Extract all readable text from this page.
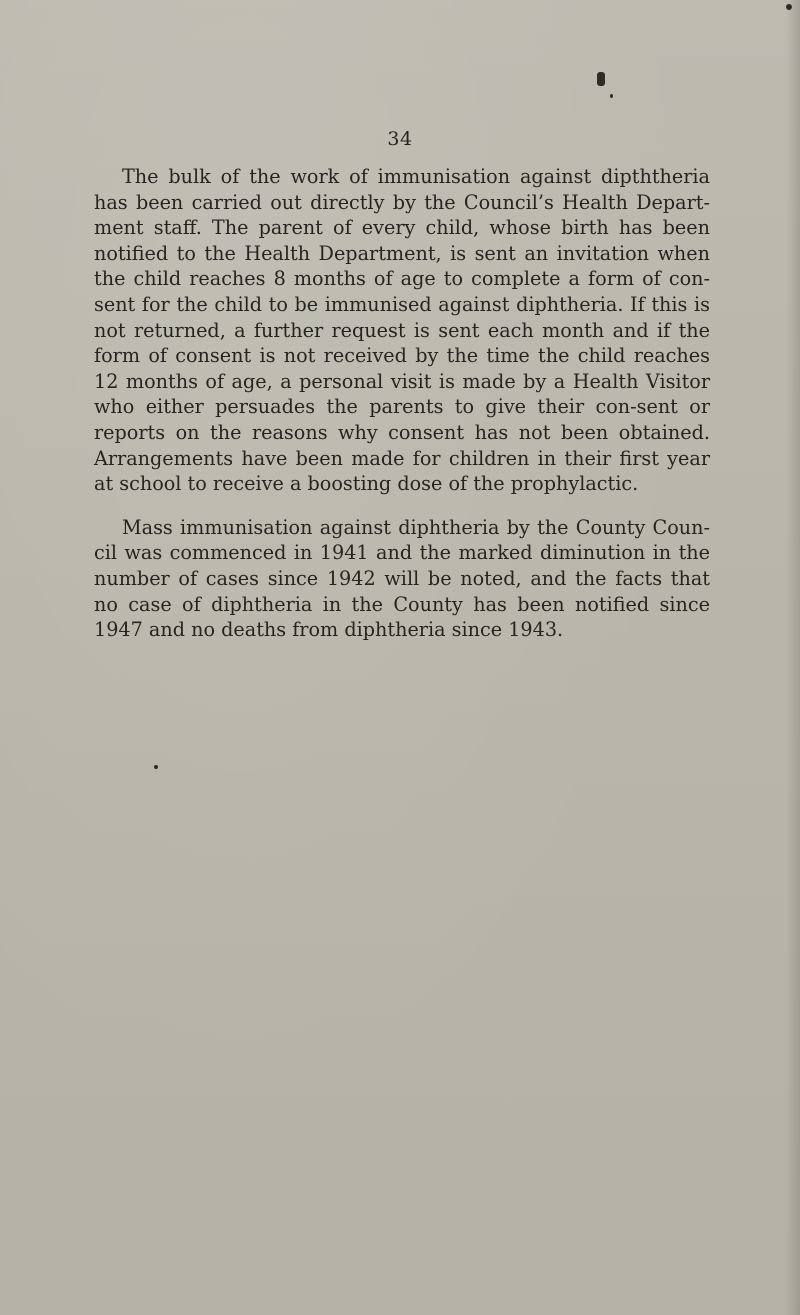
34

The bulk of the work of immunisation against dipththeria has been carried out directly by the Council’s Health Depart-ment staff. The parent of every child, whose birth has been notified to the Health Department, is sent an invitation when the child reaches 8 months of age to complete a form of con-sent for the child to be immunised against diphtheria. If this is not returned, a further request is sent each month and if the form of consent is not received by the time the child reaches 12 months of age, a personal visit is made by a Health Visitor who either persuades the parents to give their con-sent or reports on the reasons why consent has not been obtained. Arrangements have been made for children in their first year at school to receive a boosting dose of the prophylactic.

Mass immunisation against diphtheria by the County Coun-cil was commenced in 1941 and the marked diminution in the number of cases since 1942 will be noted, and the facts that no case of diphtheria in the County has been notified since 1947 and no deaths from diphtheria since 1943.
